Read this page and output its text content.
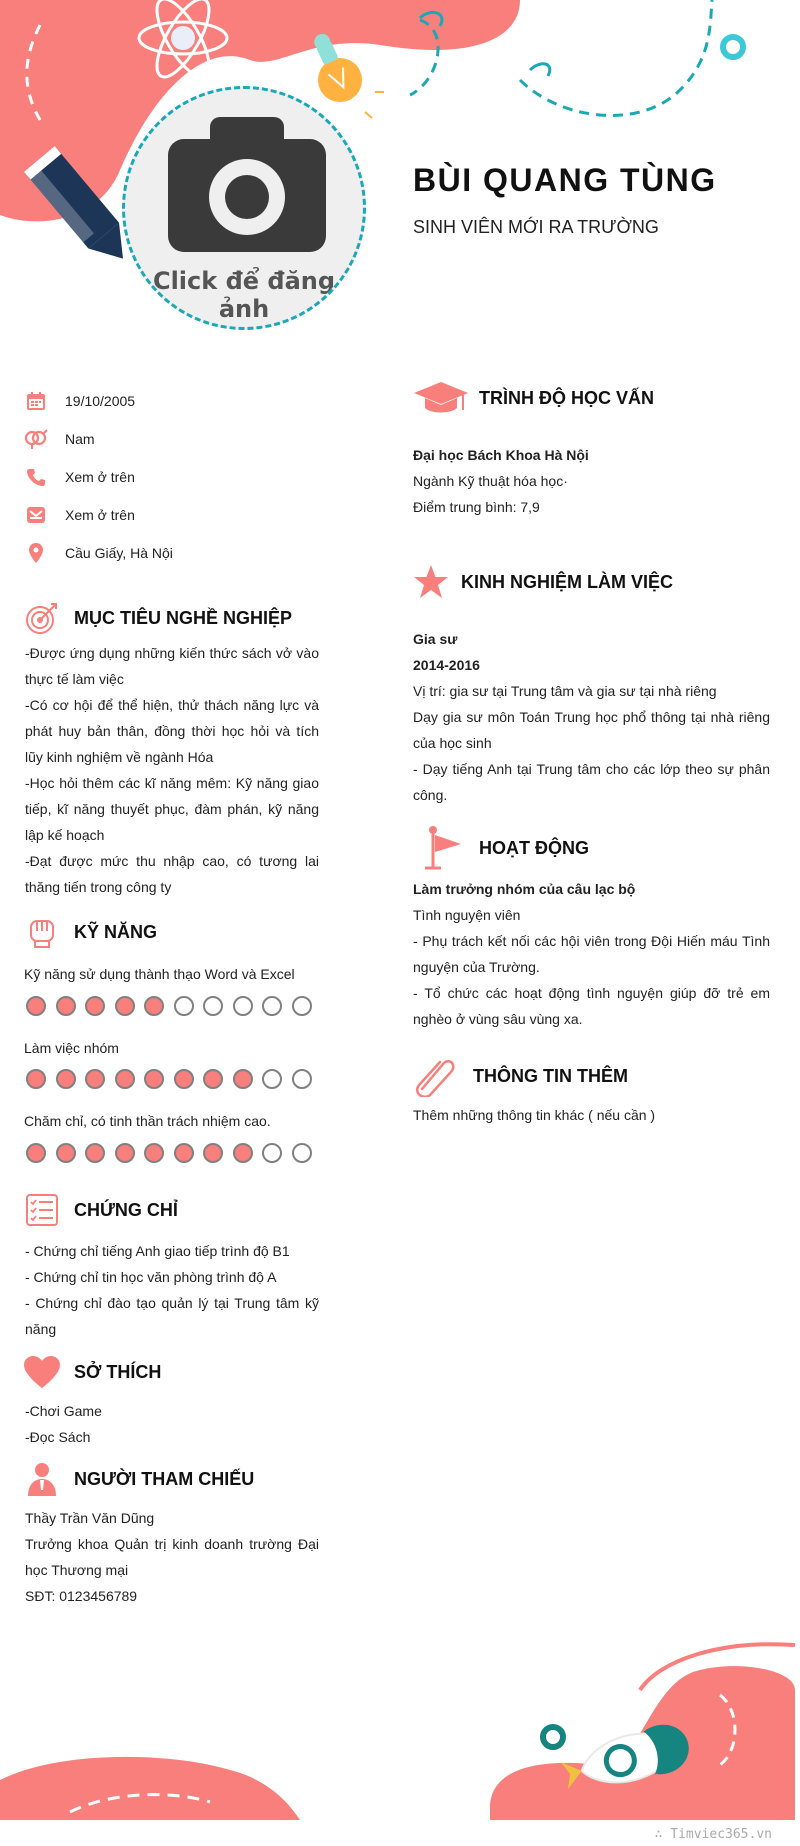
Click để đăng ảnh
BÙI QUANG TÙNG
SINH VIÊN MỚI RA TRƯỜNG
19/10/2005
Nam
Xem ở trên
Xem ở trên
Cầu Giấy, Hà Nội
MỤC TIÊU NGHỀ NGHIỆP

-Được ứng dụng những kiến thức sách vở vào thực tế làm việc

-Có cơ hội để thể hiện, thử thách năng lực và phát huy bản thân, đồng thời học hỏi và tích lũy kinh nghiệm về ngành Hóa

-Học hỏi thêm các kĩ năng mêm: Kỹ năng giao tiếp, kĩ năng thuyết phục, đàm phán, kỹ năng lập kế hoạch

-Đạt được mức thu nhập cao, có tương lai thăng tiến trong công ty

KỸ NĂNG
Kỹ năng sử dụng thành thạo Word và Excel
Làm việc nhóm
Chăm chỉ, có tinh thần trách nhiệm cao.
CHỨNG CHỈ

- Chứng chỉ tiếng Anh giao tiếp trình độ B1

- Chứng chỉ tin học văn phòng trình độ A

- Chứng chỉ đào tạo quản lý tại Trung tâm kỹ năng

SỞ THÍCH

-Chơi Game

-Đọc Sách

NGƯỜI THAM CHIẾU

Thầy Trần Văn Dũng

Trưởng khoa Quản trị kinh doanh trường Đại học Thương mại

SĐT: 0123456789

TRÌNH ĐỘ HỌC VẤN

Đại học Bách Khoa Hà Nội

Ngành Kỹ thuật hóa học·

Điểm trung bình: 7,9

KINH NGHIỆM LÀM VIỆC

Gia sư

2014-2016

Vị trí: gia sư tại Trung tâm và gia sư tại nhà riêng

Dạy gia sư môn Toán Trung học phổ thông tại nhà riêng của học sinh

- Dạy tiếng Anh tại Trung tâm cho các lớp theo sự phân công.

HOẠT ĐỘNG

Làm trưởng nhóm của câu lạc bộ

Tình nguyện viên

- Phụ trách kết nối các hội viên trong Đội Hiến máu Tình nguyện của Trường.

- Tổ chức các hoạt động tình nguyện giúp đỡ trẻ em nghèo ở vùng sâu vùng xa.

THÔNG TIN THÊM

Thêm những thông tin khác ( nếu cần )

∴ Timviec365.vn
